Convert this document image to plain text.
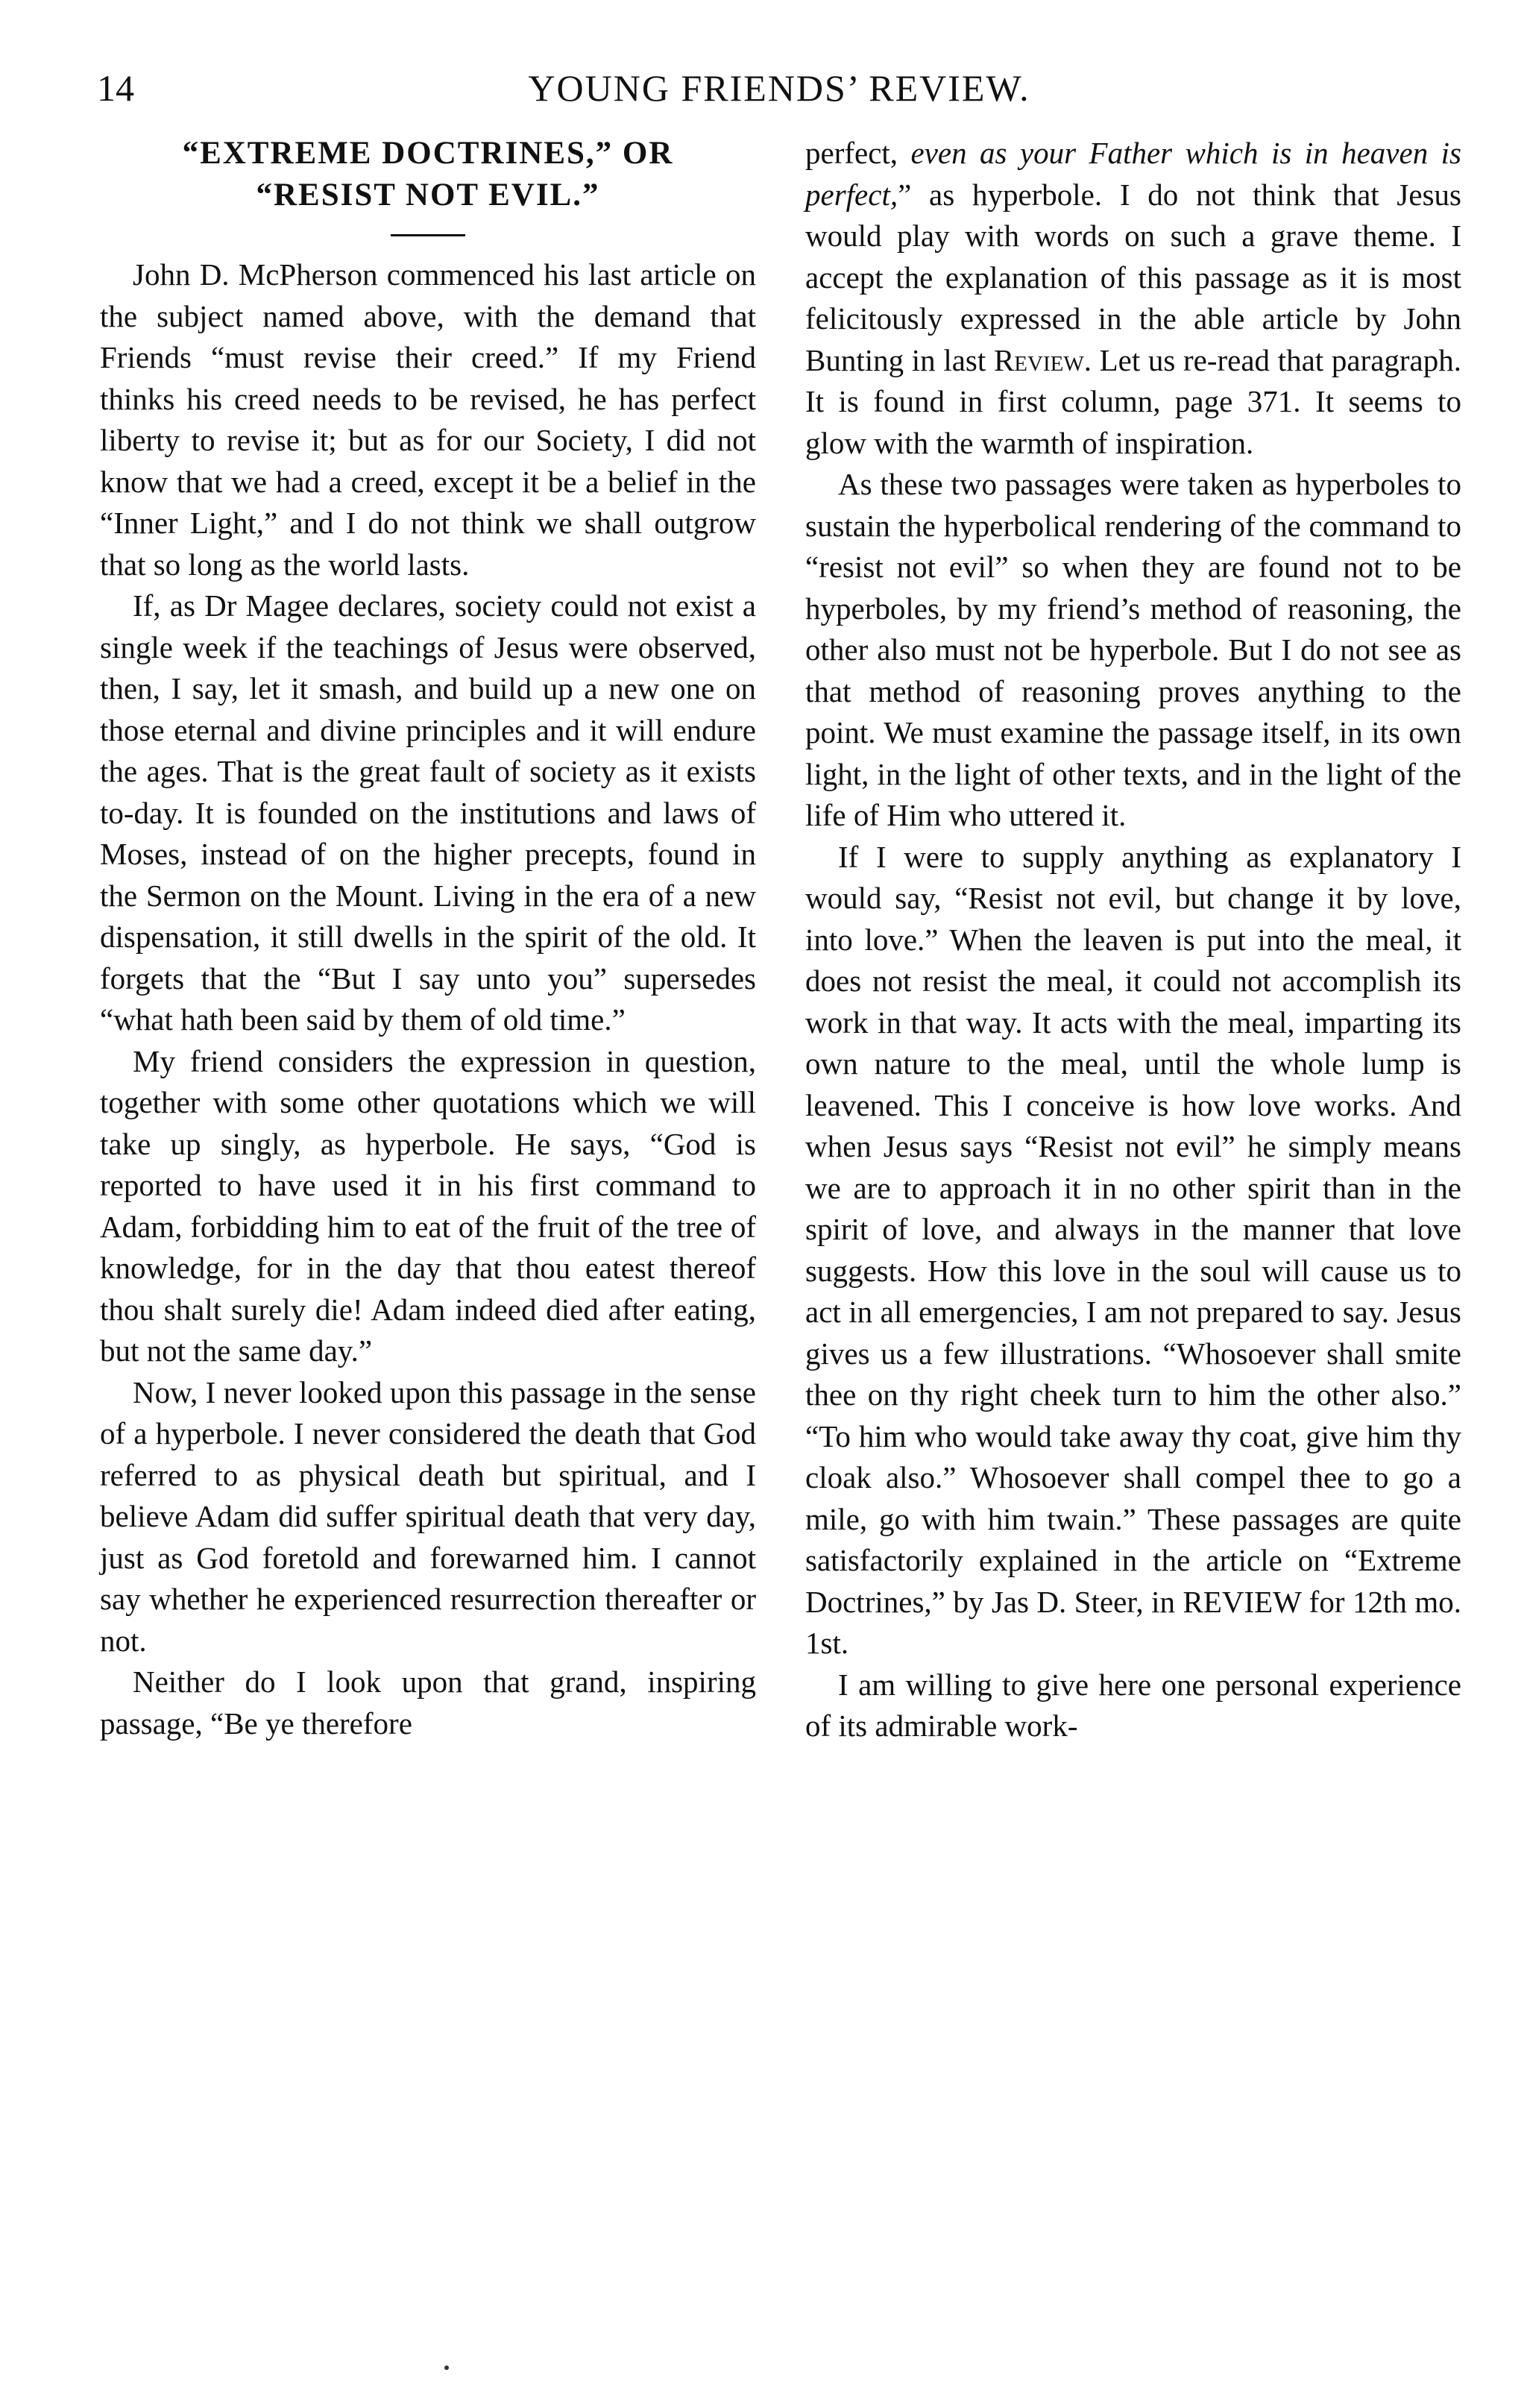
14	YOUNG FRIENDS’ REVIEW.
“EXTREME DOCTRINES,” OR
“RESIST NOT EVIL.”

John D. McPherson commenced his last article on the subject named above, with the demand that Friends “must revise their creed.” If my Friend thinks his creed needs to be revised, he has perfect liberty to revise it; but as for our Society, I did not know that we had a creed, except it be a belief in the “Inner Light,” and I do not think we shall outgrow that so long as the world lasts.

If, as Dr Magee declares, society could not exist a single week if the teachings of Jesus were observed, then, I say, let it smash, and build up a new one on those eternal and divine principles and it will endure the ages. That is the great fault of society as it exists to-day. It is founded on the institutions and laws of Moses, instead of on the higher precepts, found in the Sermon on the Mount. Living in the era of a new dispensation, it still dwells in the spirit of the old. It forgets that the “But I say unto you” supersedes “what hath been said by them of old time.”

My friend considers the expression in question, together with some other quotations which we will take up singly, as hyperbole. He says, “God is reported to have used it in his first command to Adam, forbidding him to eat of the fruit of the tree of knowledge, for in the day that thou eatest thereof thou shalt surely die! Adam indeed died after eating, but not the same day.”

Now, I never looked upon this passage in the sense of a hyperbole. I never considered the death that God referred to as physical death but spiritual, and I believe Adam did suffer spiritual death that very day, just as God foretold and forewarned him. I cannot say whether he experienced resurrection thereafter or not.

Neither do I look upon that grand, inspiring passage, “Be ye therefore

perfect, even as your Father which is in heaven is perfect,” as hyperbole. I do not think that Jesus would play with words on such a grave theme. I accept the explanation of this passage as it is most felicitously expressed in the able article by John Bunting in last Review. Let us re-read that paragraph. It is found in first column, page 371. It seems to glow with the warmth of inspiration.

As these two passages were taken as hyperboles to sustain the hyperbolical rendering of the command to “resist not evil” so when they are found not to be hyperboles, by my friend’s method of reasoning, the other also must not be hyperbole. But I do not see as that method of reasoning proves anything to the point. We must examine the passage itself, in its own light, in the light of other texts, and in the light of the life of Him who uttered it.

If I were to supply anything as explanatory I would say, “Resist not evil, but change it by love, into love.” When the leaven is put into the meal, it does not resist the meal, it could not accomplish its work in that way. It acts with the meal, imparting its own nature to the meal, until the whole lump is leavened. This I conceive is how love works. And when Jesus says “Resist not evil” he simply means we are to approach it in no other spirit than in the spirit of love, and always in the manner that love suggests. How this love in the soul will cause us to act in all emergencies, I am not prepared to say. Jesus gives us a few illustrations. “Whosoever shall smite thee on thy right cheek turn to him the other also.” “To him who would take away thy coat, give him thy cloak also.” Whosoever shall compel thee to go a mile, go with him twain.” These passages are quite satisfactorily explained in the article on “Extreme Doctrines,” by Jas D. Steer, in REVIEW for 12th mo. 1st.

I am willing to give here one personal experience of its admirable work-
